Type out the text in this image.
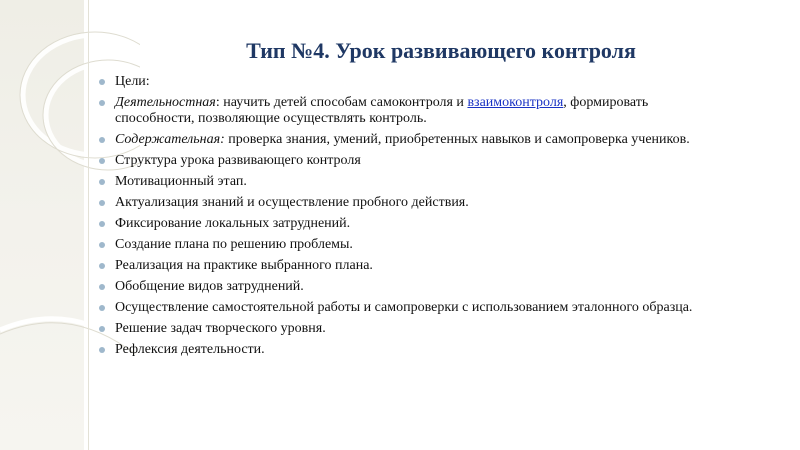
Тип №4. Урок развивающего контроля
Цели:
Деятельностная: научить детей способам самоконтроля и взаимоконтроля, формировать способности, позволяющие осуществлять контроль.
Содержательная: проверка знания, умений, приобретенных навыков и самопроверка учеников.
Структура урока развивающего контроля
Мотивационный этап.
Актуализация знаний и осуществление пробного действия.
Фиксирование локальных затруднений.
Создание плана по решению проблемы.
Реализация на практике выбранного плана.
Обобщение видов затруднений.
Осуществление самостоятельной работы и самопроверки с использованием эталонного образца.
Решение задач творческого уровня.
Рефлексия деятельности.
